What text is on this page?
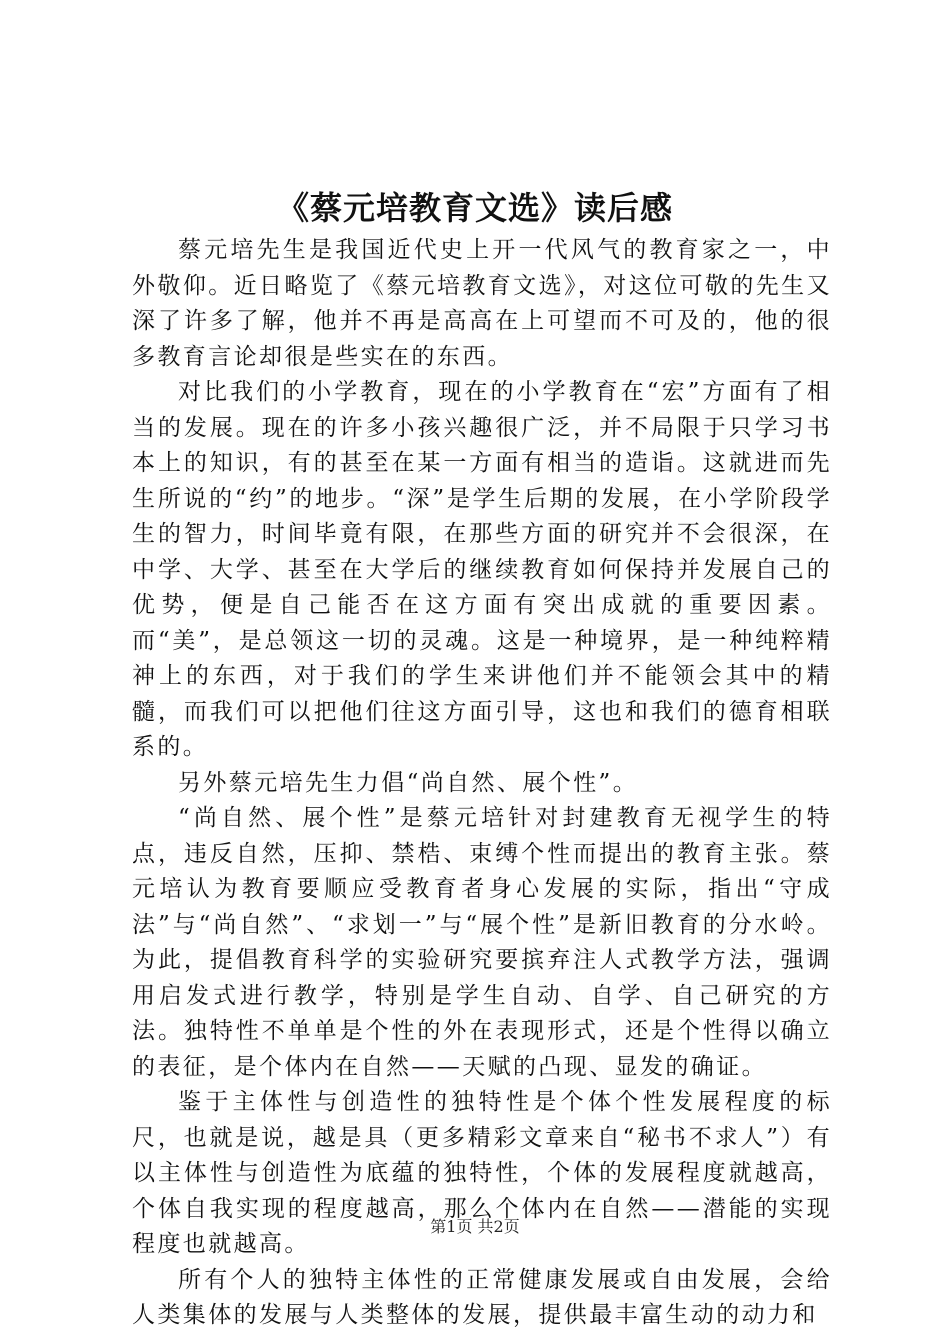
《蔡元培教育文选》读后感

蔡元培先生是我国近代史上开一代风气的教育家之一，中外敬仰。近日略览了《蔡元培教育文选》，对这位可敬的先生又深了许多了解，他并不再是高高在上可望而不可及的，他的很多教育言论却很是些实在的东西。

对比我们的小学教育，现在的小学教育在“宏”方面有了相当的发展。现在的许多小孩兴趣很广泛，并不局限于只学习书本上的知识，有的甚至在某一方面有相当的造诣。这就进而先生所说的“约”的地步。“深”是学生后期的发展，在小学阶段学生的智力，时间毕竟有限，在那些方面的研究并不会很深，在中学、大学、甚至在大学后的继续教育如何保持并发展自己的优势，便是自己能否在这方面有突出成就的重要因素。而“美”，是总领这一切的灵魂。这是一种境界，是一种纯粹精神上的东西，对于我们的学生来讲他们并不能领会其中的精髓，而我们可以把他们往这方面引导，这也和我们的德育相联系的。

另外蔡元培先生力倡“尚自然、展个性”。

“尚自然、展个性”是蔡元培针对封建教育无视学生的特点，违反自然，压抑、禁梏、束缚个性而提出的教育主张。蔡元培认为教育要顺应受教育者身心发展的实际，指出“守成法”与“尚自然”、“求划一”与“展个性”是新旧教育的分水岭。为此，提倡教育科学的实验研究要摈弃注人式教学方法，强调用启发式进行教学，特别是学生自动、自学、自己研究的方法。独特性不单单是个性的外在表现形式，还是个性得以确立的表征，是个体内在自然——天赋的凸现、显发的确证。

鉴于主体性与创造性的独特性是个体个性发展程度的标尺，也就是说，越是具（更多精彩文章来自“秘书不求人”）有以主体性与创造性为底蕴的独特性，个体的发展程度就越高，个体自我实现的程度越高，那么个体内在自然——潜能的实现程度也就越高。

所有个人的独特主体性的正常健康发展或自由发展，会给人类集体的发展与人类整体的发展，提供最丰富生动的动力和

第1页 共2页
